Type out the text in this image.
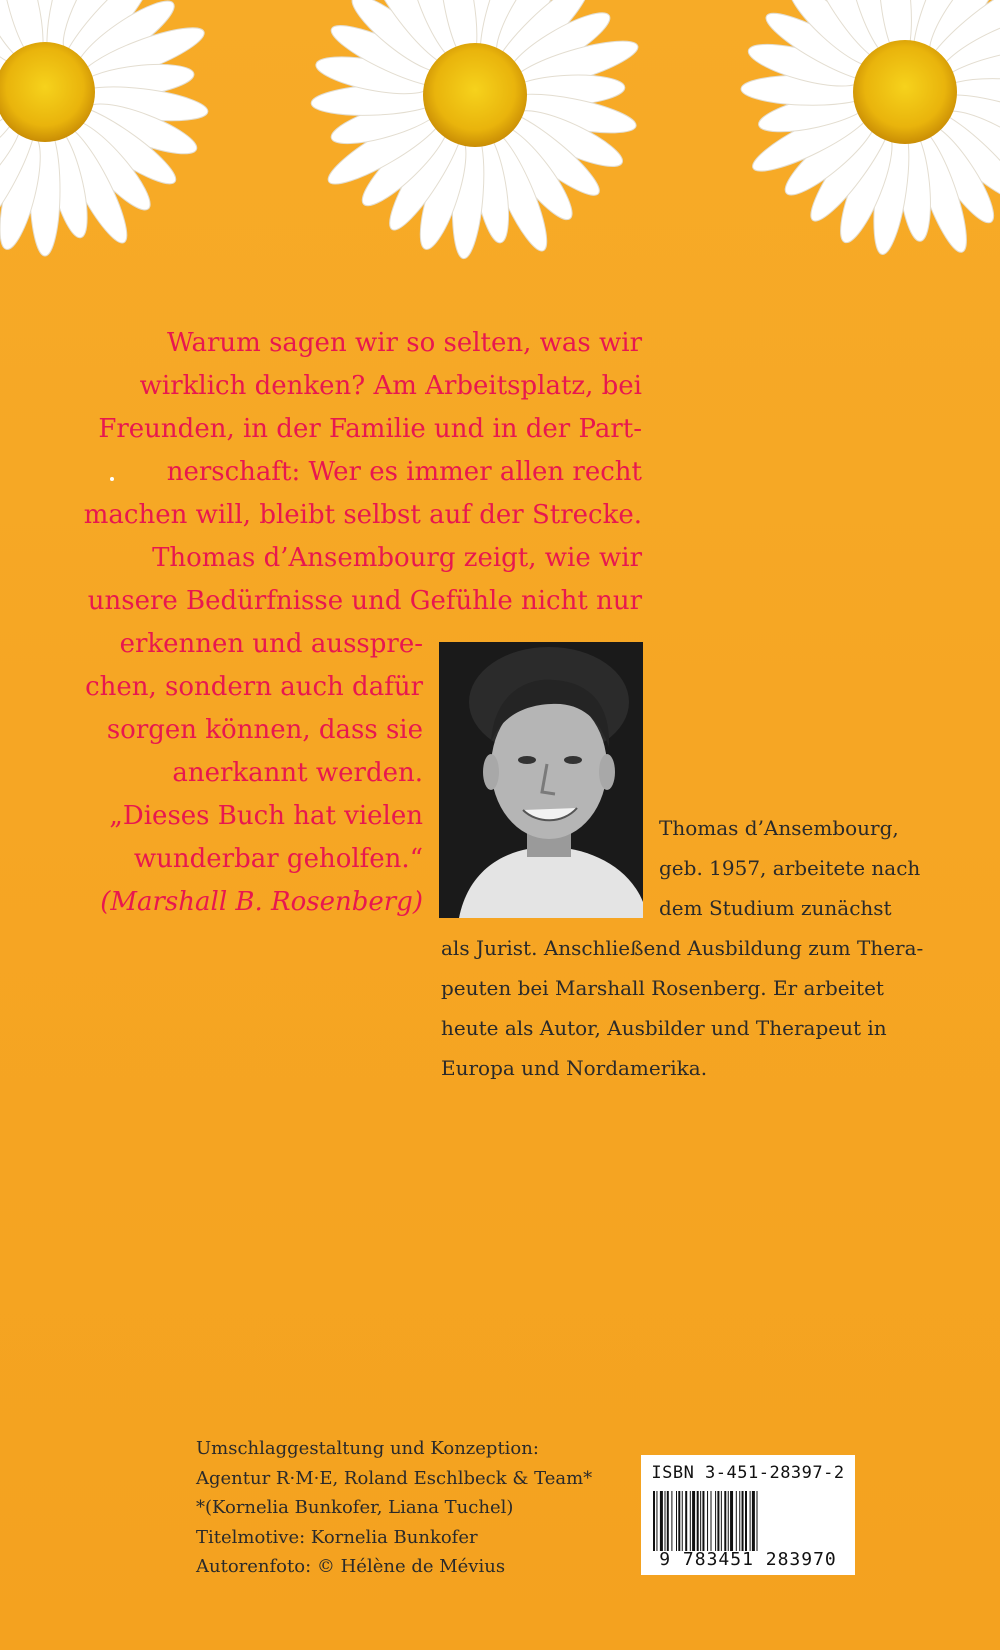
Warum sagen wir so selten, was wir
wirklich denken? Am Arbeitsplatz, bei
Freunden, in der Familie und in der Part-
nerschaft: Wer es immer allen recht
machen will, bleibt selbst auf der Strecke.
Thomas d’Ansembourg zeigt, wie wir
unsere Bedürfnisse und Gefühle nicht nur

erkennen und ausspre-
chen, sondern auch dafür
sorgen können, dass sie
anerkannt werden.
„Dieses Buch hat vielen
wunderbar geholfen.“
(Marshall B. Rosenberg)
Thomas d’Ansembourg,
geb. 1957, arbeitete nach
dem Studium zunächst
als Jurist. Anschließend Ausbildung zum Thera-
peuten bei Marshall Rosenberg. Er arbeitet
heute als Autor, Ausbilder und Therapeut in
Europa und Nordamerika.
Umschlaggestaltung und Konzeption:
Agentur R·M·E, Roland Eschlbeck & Team*
*(Kornelia Bunkofer, Liana Tuchel)
Titelmotive: Kornelia Bunkofer
Autorenfoto: © Hélène de Mévius
ISBN 3-451-28397-2
9 783451 283970
